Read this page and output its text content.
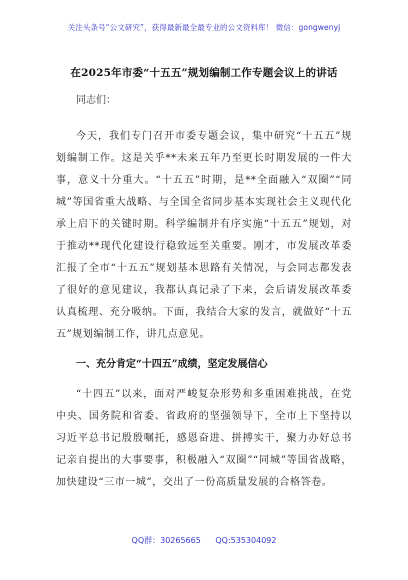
关注头条号“公文研究”，获得最新最全最专业的公文资料库！ 微信：gongwenyj
在2025年市委“十五五”规划编制工作专题会议上的讲话
同志们：

今天，我们专门召开市委专题会议，集中研究“十五五”规划编制工作。这是关乎**未来五年乃至更长时期发展的一件大事，意义十分重大。“十五五”时期，是**全面融入“双圈”“同城”等国省重大战略、与全国全省同步基本实现社会主义现代化承上启下的关键时期。科学编制并有序实施“十五五”规划，对于推动**现代化建设行稳致远至关重要。刚才，市发展改革委汇报了全市“十五五”规划基本思路有关情况，与会同志都发表了很好的意见建议，我都认真记录了下来，会后请发展改革委认真梳理、充分吸纳。下面，我结合大家的发言，就做好“十五五”规划编制工作，讲几点意见。

一、充分肯定“十四五”成绩，坚定发展信心

“十四五”以来，面对严峻复杂形势和多重困难挑战，在党中央、国务院和省委、省政府的坚强领导下，全市上下坚持以习近平总书记殷殷嘱托，感恩奋进、拼搏实干，聚力办好总书记亲自提出的大事要事，积极融入“双圈”“同城”等国省战略，加快建设“三市一城”，交出了一份高质量发展的合格答卷。

QQ群：30265665 QQ:535304092
